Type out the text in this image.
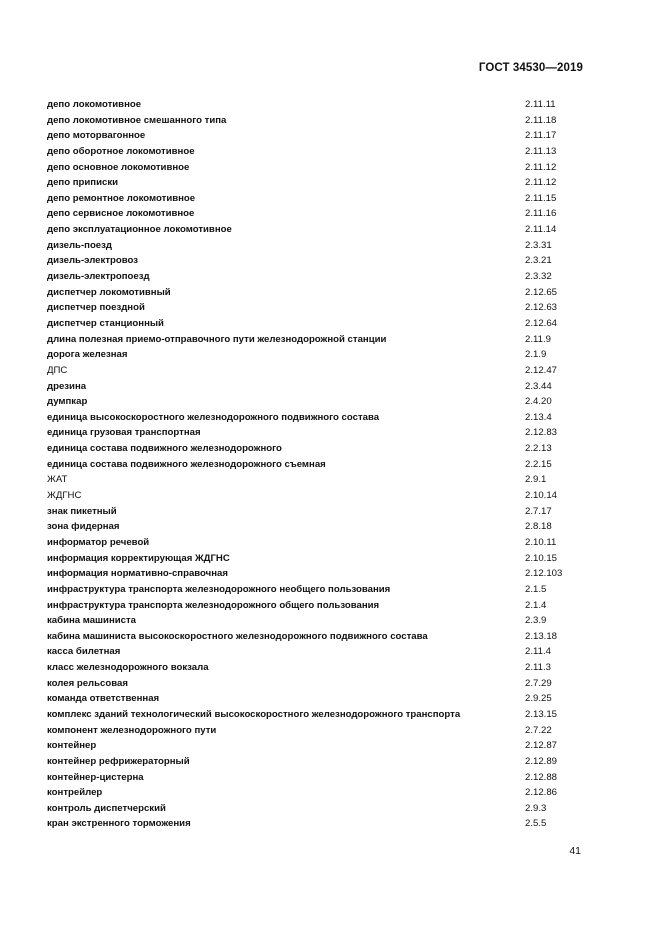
ГОСТ 34530—2019
депо локомотивное	2.11.11
депо локомотивное смешанного типа	2.11.18
депо моторвагонное	2.11.17
депо оборотное локомотивное	2.11.13
депо основное локомотивное	2.11.12
депо приписки	2.11.12
депо ремонтное локомотивное	2.11.15
депо сервисное локомотивное	2.11.16
депо эксплуатационное локомотивное	2.11.14
дизель-поезд	2.3.31
дизель-электровоз	2.3.21
дизель-электропоезд	2.3.32
диспетчер локомотивный	2.12.65
диспетчер поездной	2.12.63
диспетчер станционный	2.12.64
длина полезная приемо-отправочного пути железнодорожной станции	2.11.9
дорога железная	2.1.9
ДПС	2.12.47
дрезина	2.3.44
думпкар	2.4.20
единица высокоскоростного железнодорожного подвижного состава	2.13.4
единица грузовая транспортная	2.12.83
единица состава подвижного железнодорожного	2.2.13
единица состава подвижного железнодорожного съемная	2.2.15
ЖАТ	2.9.1
ЖДГНС	2.10.14
знак пикетный	2.7.17
зона фидерная	2.8.18
информатор речевой	2.10.11
информация корректирующая ЖДГНС	2.10.15
информация нормативно-справочная	2.12.103
инфраструктура транспорта железнодорожного необщего пользования	2.1.5
инфраструктура транспорта железнодорожного общего пользования	2.1.4
кабина машиниста	2.3.9
кабина машиниста высокоскоростного железнодорожного подвижного состава	2.13.18
касса билетная	2.11.4
класс железнодорожного вокзала	2.11.3
колея рельсовая	2.7.29
команда ответственная	2.9.25
комплекс зданий технологический высокоскоростного железнодорожного транспорта	2.13.15
компонент железнодорожного пути	2.7.22
контейнер	2.12.87
контейнер рефрижераторный	2.12.89
контейнер-цистерна	2.12.88
контрейлер	2.12.86
контроль диспетчерский	2.9.3
кран экстренного торможения	2.5.5
41
